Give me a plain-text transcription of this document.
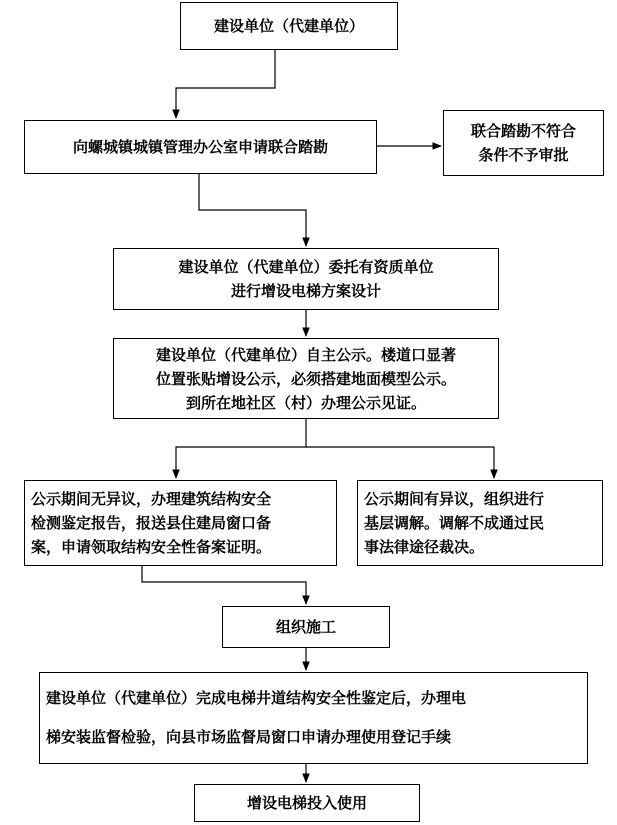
建设单位（代建单位）
向螺城镇城镇管理办公室申请联合踏勘
联合踏勘不符合
条件不予审批
建设单位（代建单位）委托有资质单位
进行增设电梯方案设计
建设单位（代建单位）自主公示。楼道口显著
位置张贴增设公示，必须搭建地面模型公示。
到所在地社区（村）办理公示见证。
公示期间无异议，办理建筑结构安全
检测鉴定报告，报送县住建局窗口备
案，申请领取结构安全性备案证明。
公示期间有异议，组织进行
基层调解。调解不成通过民
事法律途径裁决。
组织施工
建设单位（代建单位）完成电梯井道结构安全性鉴定后，办理电
梯安装监督检验，向县市场监督局窗口申请办理使用登记手续
增设电梯投入使用
